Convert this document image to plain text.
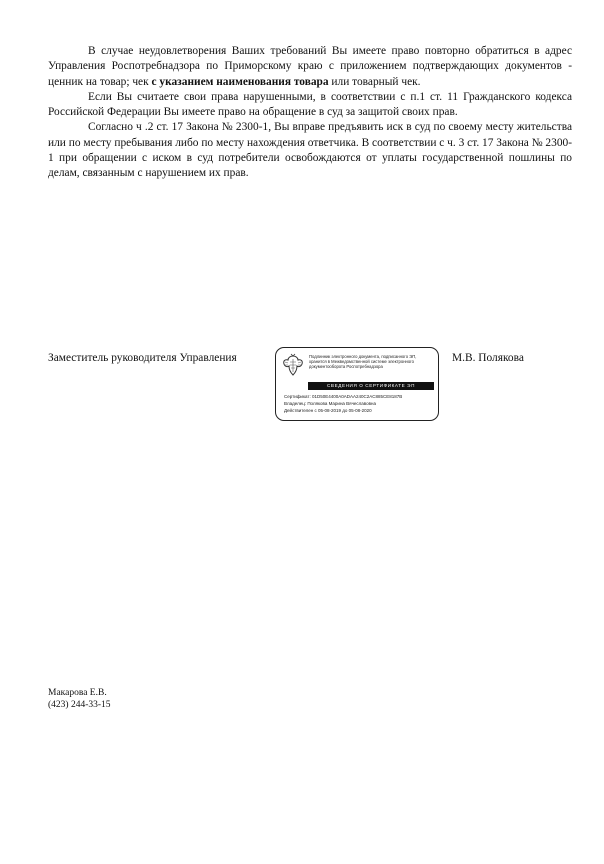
В случае неудовлетворения Ваших требований Вы имеете право повторно обратиться в адрес Управления Роспотребнадзора по Приморскому краю с приложением подтверждающих документов - ценник на товар; чек с указанием наименования товара или товарный чек.

Если Вы считаете свои права нарушенными, в соответствии с п.1 ст. 11 Гражданского кодекса Российской Федерации Вы имеете право на обращение в суд за защитой своих прав.

Согласно ч .2 ст. 17 Закона № 2300-1, Вы вправе предъявить иск в суд по своему месту жительства или по месту пребывания либо по месту нахождения ответчика. В соответствии с ч. 3 ст. 17 Закона № 2300-1 при обращении с иском в суд потребители освобождаются от уплаты государственной пошлины по делам, связанным с нарушением их прав.

Заместитель руководителя Управления	Подлинник электронного документа, подписанного ЭП, хранится в Межведомственной системе электронного документооборота Роспотребнадзора
СВЕДЕНИЯ О СЕРТИФИКАТЕ ЭП
Сертификат: 01D50E4400A0ADAA240C2AC885CE8187B
Владелец: Полякова Марина Вячеславовна
Действителен с 05-08-2019 до 05-08-2020
М.В. Полякова
Макарова Е.В.
(423) 244-33-15
